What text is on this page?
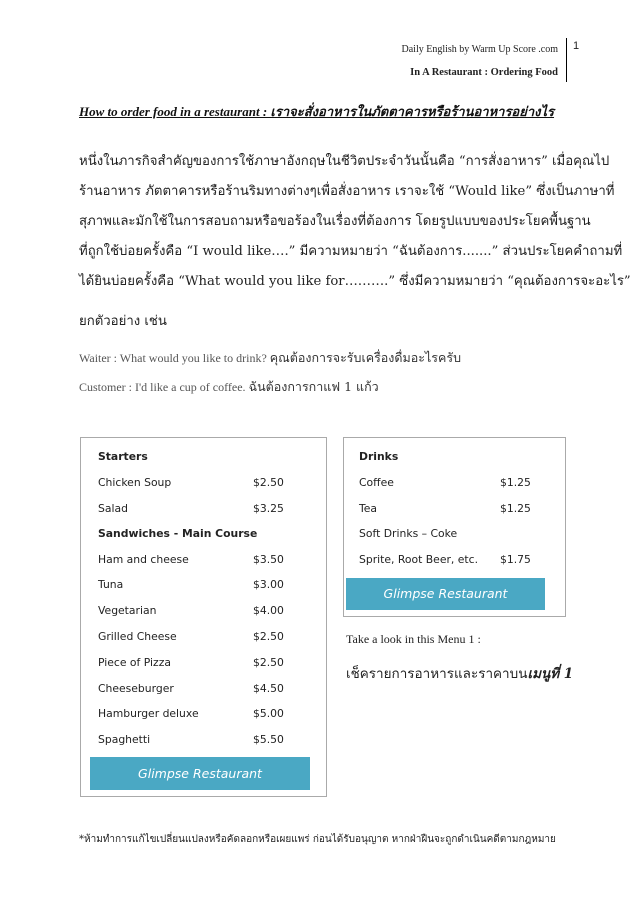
Daily English by Warm Up Score .com
In A Restaurant : Ordering Food
1
How to order food in a restaurant : เราจะสั่งอาหารในภัตตาคารหรือร้านอาหารอย่างไร
หนึ่งในภารกิจสำคัญของการใช้ภาษาอังกฤษในชีวิตประจำวันนั้นคือ “การสั่งอาหาร” เมื่อคุณไป
ร้านอาหาร ภัตตาคารหรือร้านริมทางต่างๆเพื่อสั่งอาหาร เราจะใช้ “Would like” ซึ่งเป็นภาษาที่
สุภาพและมักใช้ในการสอบถามหรือขอร้องในเรื่องที่ต้องการ โดยรูปแบบของประโยคพื้นฐาน
ที่ถูกใช้บ่อยครั้งคือ “I would like….” มีความหมายว่า “ฉันต้องการ.......” ส่วนประโยคคำถามที่
ได้ยินบ่อยครั้งคือ “What would you like for……….” ซึ่งมีความหมายว่า “คุณต้องการจะอะไร”
ยกตัวอย่าง เช่น
Waiter : What would you like to drink? คุณต้องการจะรับเครื่องดื่มอะไรครับ
Customer : I'd like a cup of coffee. ฉันต้องการกาแฟ 1 แก้ว
Starters
Chicken Soup	$2.50
Salad	$3.25
Sandwiches - Main Course
Ham and cheese	$3.50
Tuna	$3.00
Vegetarian	$4.00
Grilled Cheese	$2.50
Piece of Pizza	$2.50
Cheeseburger	$4.50
Hamburger deluxe	$5.00
Spaghetti	$5.50
Glimpse Restaurant
Drinks
Coffee	$1.25
Tea	$1.25
Soft Drinks – Coke
Sprite, Root Beer, etc. $1.75
Glimpse Restaurant
Take a look in this Menu 1 :
เช็ครายการอาหารและราคาบนเมนูที่ 1
*ห้ามทำการแก้ไขเปลี่ยนแปลงหรือคัดลอกหรือเผยแพร่ ก่อนได้รับอนุญาต หากฝ่าฝืนจะถูกดำเนินคดีตามกฎหมาย
